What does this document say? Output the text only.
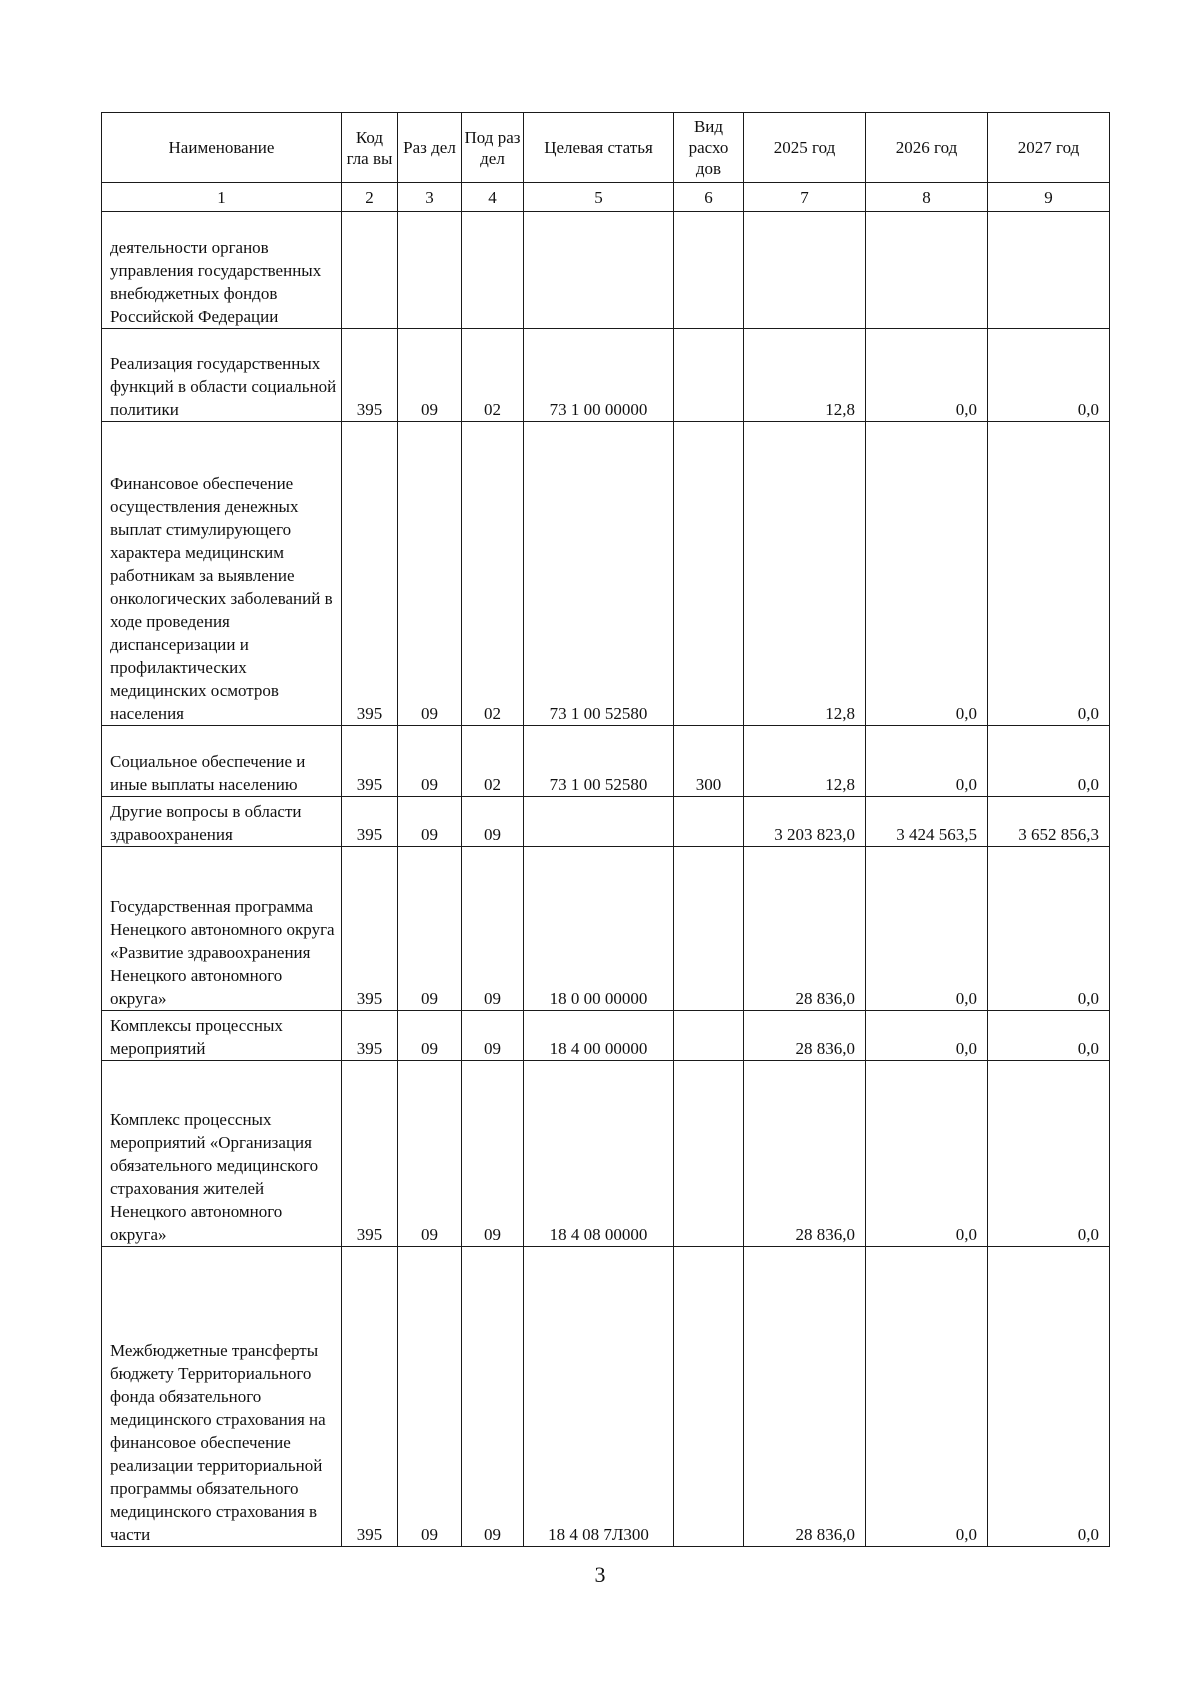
Наименование	Код гла вы	Раз дел	Под раз дел	Целевая статья	Вид расхо дов	2025 год	2026 год	2027 год
1	2	3	4	5	6	7	8	9
деятельности органов управления государственных внебюджетных фондов Российской Федерации								
Реализация государственных функций в области социальной политики	395	09	02	73 1 00 00000		12,8	0,0	0,0
Финансовое обеспечение осуществления денежных выплат стимулирующего характера медицинским работникам за выявление онкологических заболеваний в ходе проведения диспансеризации и профилактических медицинских осмотров населения	395	09	02	73 1 00 52580		12,8	0,0	0,0
Социальное обеспечение и иные выплаты населению	395	09	02	73 1 00 52580	300	12,8	0,0	0,0
Другие вопросы в области здравоохранения	395	09	09			3 203 823,0	3 424 563,5	3 652 856,3
Государственная программа Ненецкого автономного округа «Развитие здравоохранения Ненецкого автономного округа»	395	09	09	18 0 00 00000		28 836,0	0,0	0,0
Комплексы процессных мероприятий	395	09	09	18 4 00 00000		28 836,0	0,0	0,0
Комплекс процессных мероприятий «Организация обязательного медицинского страхования жителей Ненецкого автономного округа»	395	09	09	18 4 08 00000		28 836,0	0,0	0,0
Межбюджетные трансферты бюджету Территориального фонда обязательного медицинского страхования на финансовое обеспечение реализации территориальной программы обязательного медицинского страхования в части	395	09	09	18 4 08 7Л300		28 836,0	0,0	0,0
3
